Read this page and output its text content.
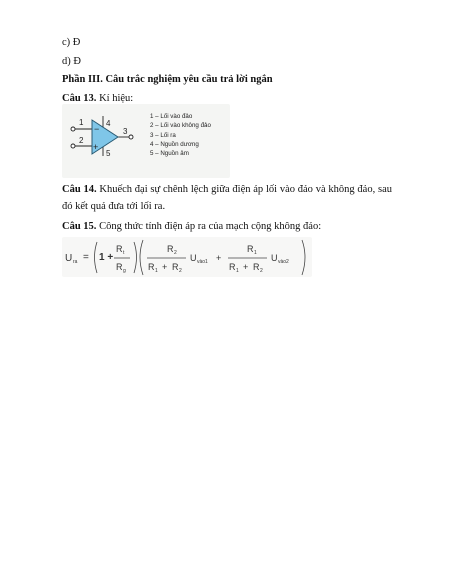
c) Đ
d) Đ
Phần III. Câu trắc nghiệm yêu cầu trả lời ngắn
Câu 13. Kí hiệu:
1
2
3
4
5
−
+
1 – Lối vào đảo
2 – Lối vào không đảo
3 – Lối ra
4 – Nguồn dương
5 – Nguồn âm
Câu 14. Khuếch đại sự chênh lệch giữa điện áp lối vào đảo và không đảo, sau đó kết quả đưa tới lối ra.
Câu 15. Công thức tính điện áp ra của mạch cộng không đảo:
U ra = 1 +
R t
R g
R 2
R 1 + R 2
U vào1 +
R 1
R 1 + R 2
U vào2
